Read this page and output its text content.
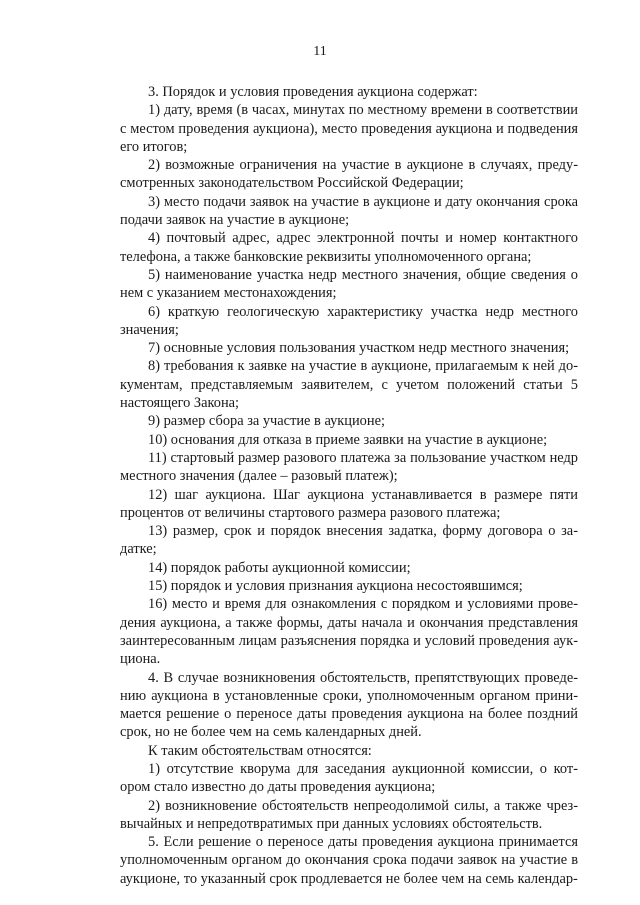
11

3. Порядок и условия проведения аукциона содержат:

1) дату, время (в часах, минутах по местному времени в соответствии с местом проведения аукциона), место проведения аукциона и подведения его итогов;

2) возможные ограничения на участие в аукционе в случаях, предусмотренных законодательством Российской Федерации;

3) место подачи заявок на участие в аукционе и дату окончания срока подачи заявок на участие в аукционе;

4) почтовый адрес, адрес электронной почты и номер контактного телефона, а также банковские реквизиты уполномоченного органа;

5) наименование участка недр местного значения, общие сведения о нем с указанием местонахождения;

6) краткую геологическую характеристику участка недр местного значения;

7) основные условия пользования участком недр местного значения;

8) требования к заявке на участие в аукционе, прилагаемым к ней документам, представляемым заявителем, с учетом положений статьи 5 настоящего Закона;

9) размер сбора за участие в аукционе;

10) основания для отказа в приеме заявки на участие в аукционе;

11) стартовый размер разового платежа за пользование участком недр местного значения (далее – разовый платеж);

12) шаг аукциона. Шаг аукциона устанавливается в размере пяти процентов от величины стартового размера разового платежа;

13) размер, срок и порядок внесения задатка, форму договора о задатке;

14) порядок работы аукционной комиссии;

15) порядок и условия признания аукциона несостоявшимся;

16) место и время для ознакомления с порядком и условиями проведения аукциона, а также формы, даты начала и окончания представления заинтересованным лицам разъяснения порядка и условий проведения аукциона.

4. В случае возникновения обстоятельств, препятствующих проведению аукциона в установленные сроки, уполномоченным органом принимается решение о переносе даты проведения аукциона на более поздний срок, но не более чем на семь календарных дней.

К таким обстоятельствам относятся:

1) отсутствие кворума для заседания аукционной комиссии, о котором стало известно до даты проведения аукциона;

2) возникновение обстоятельств непреодолимой силы, а также чрезвычайных и непредотвратимых при данных условиях обстоятельств.

5. Если решение о переносе даты проведения аукциона принимается уполномоченным органом до окончания срока подачи заявок на участие в аукционе, то указанный срок продлевается не более чем на семь календар-
